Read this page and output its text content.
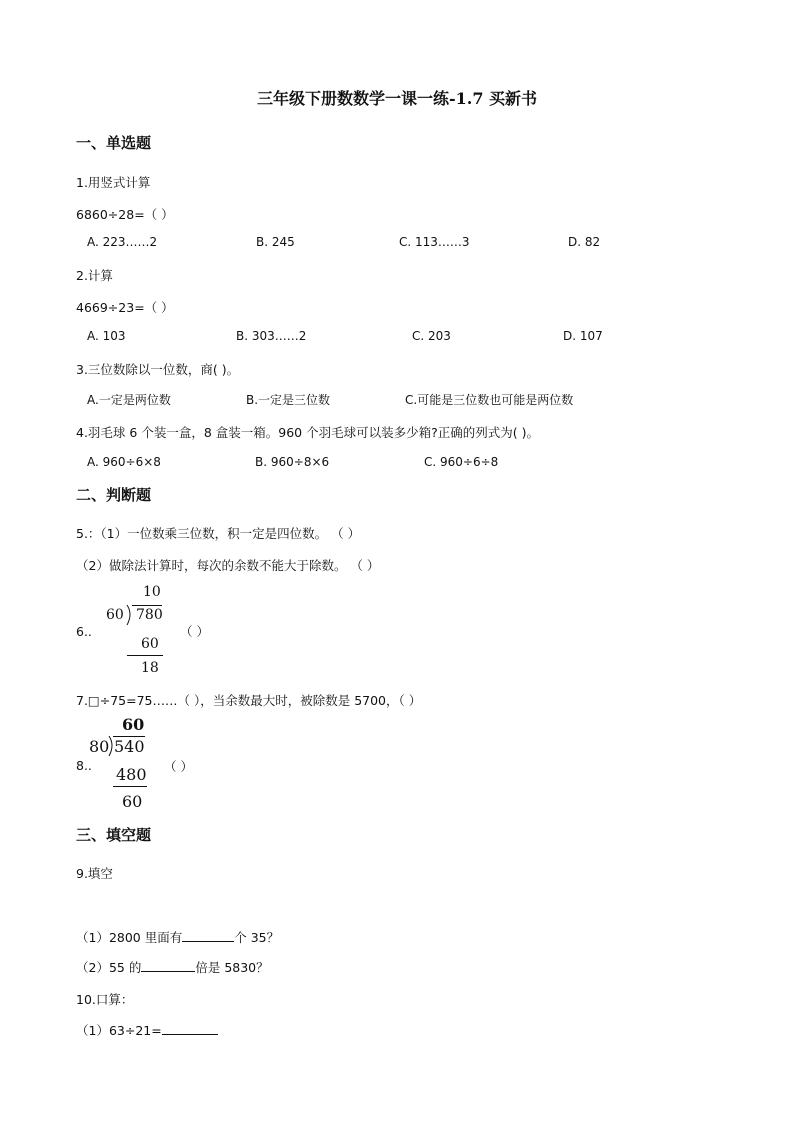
三年级下册数数学一课一练-1.7 买新书
一、单选题
1.用竖式计算
6860÷28=（ ）
A. 223……2	B. 245	C. 113……3	D. 82
2.计算
4669÷23=（ ）
A. 103	B. 303……2	C. 203	D. 107
3.三位数除以一位数，商( )。
A.一定是两位数	B.一定是三位数	C.可能是三位数也可能是两位数
4.羽毛球 6 个装一盒，8 盒装一箱。960 个羽毛球可以装多少箱?正确的列式为( )。
A. 960÷6×8	B. 960÷8×6	C. 960÷6÷8
二、判断题
5.：（1）一位数乘三位数，积一定是四位数。 （ ）
（2）做除法计算时，每次的余数不能大于除数。 （ ）
6..
10
60 780
60
18
（ ）
7.□÷75=75……（ ），当余数最大时，被除数是 5700，（ ）
8..
60
80 540
480
60
（ ）
三、填空题
9.填空
（1）2800 里面有	个 35？
（2）55 的	倍是 5830？
10.口算：
（1）63÷21=
